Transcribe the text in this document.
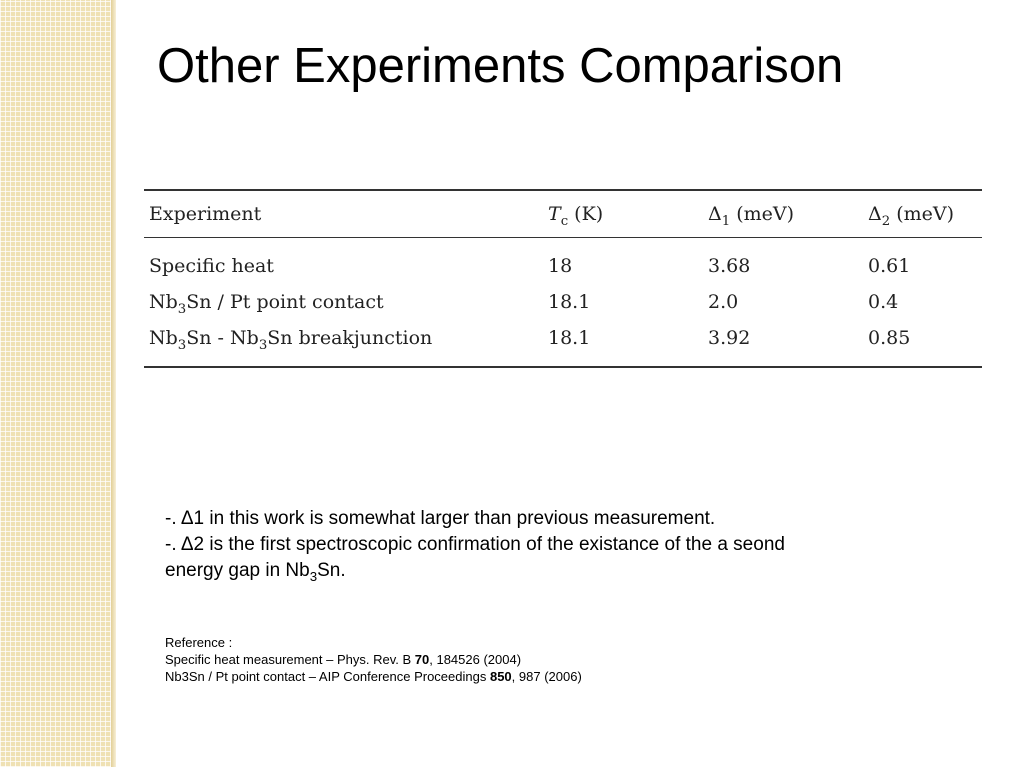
Other Experiments Comparison
Experiment	$T_c$ (K)	$\Delta_1$ (meV)	$\Delta_2$ (meV)
Specific heat	18	3.68	0.61
$Nb_3Sn$ / Pt point contact	18.1	2.0	0.4
$Nb_3Sn - Nb_3Sn$ breakjunction	18.1	3.92	0.85

-. Δ1 in this work is somewhat larger than previous measurement.

-. Δ2 is the first spectroscopic confirmation of the existance of the a seond
energy gap in $Nb_3Sn$.

Reference :

Specific heat measurement – Phys. Rev. B 70, 184526 (2004)

Nb3Sn / Pt point contact – AIP Conference Proceedings 850, 987 (2006)
